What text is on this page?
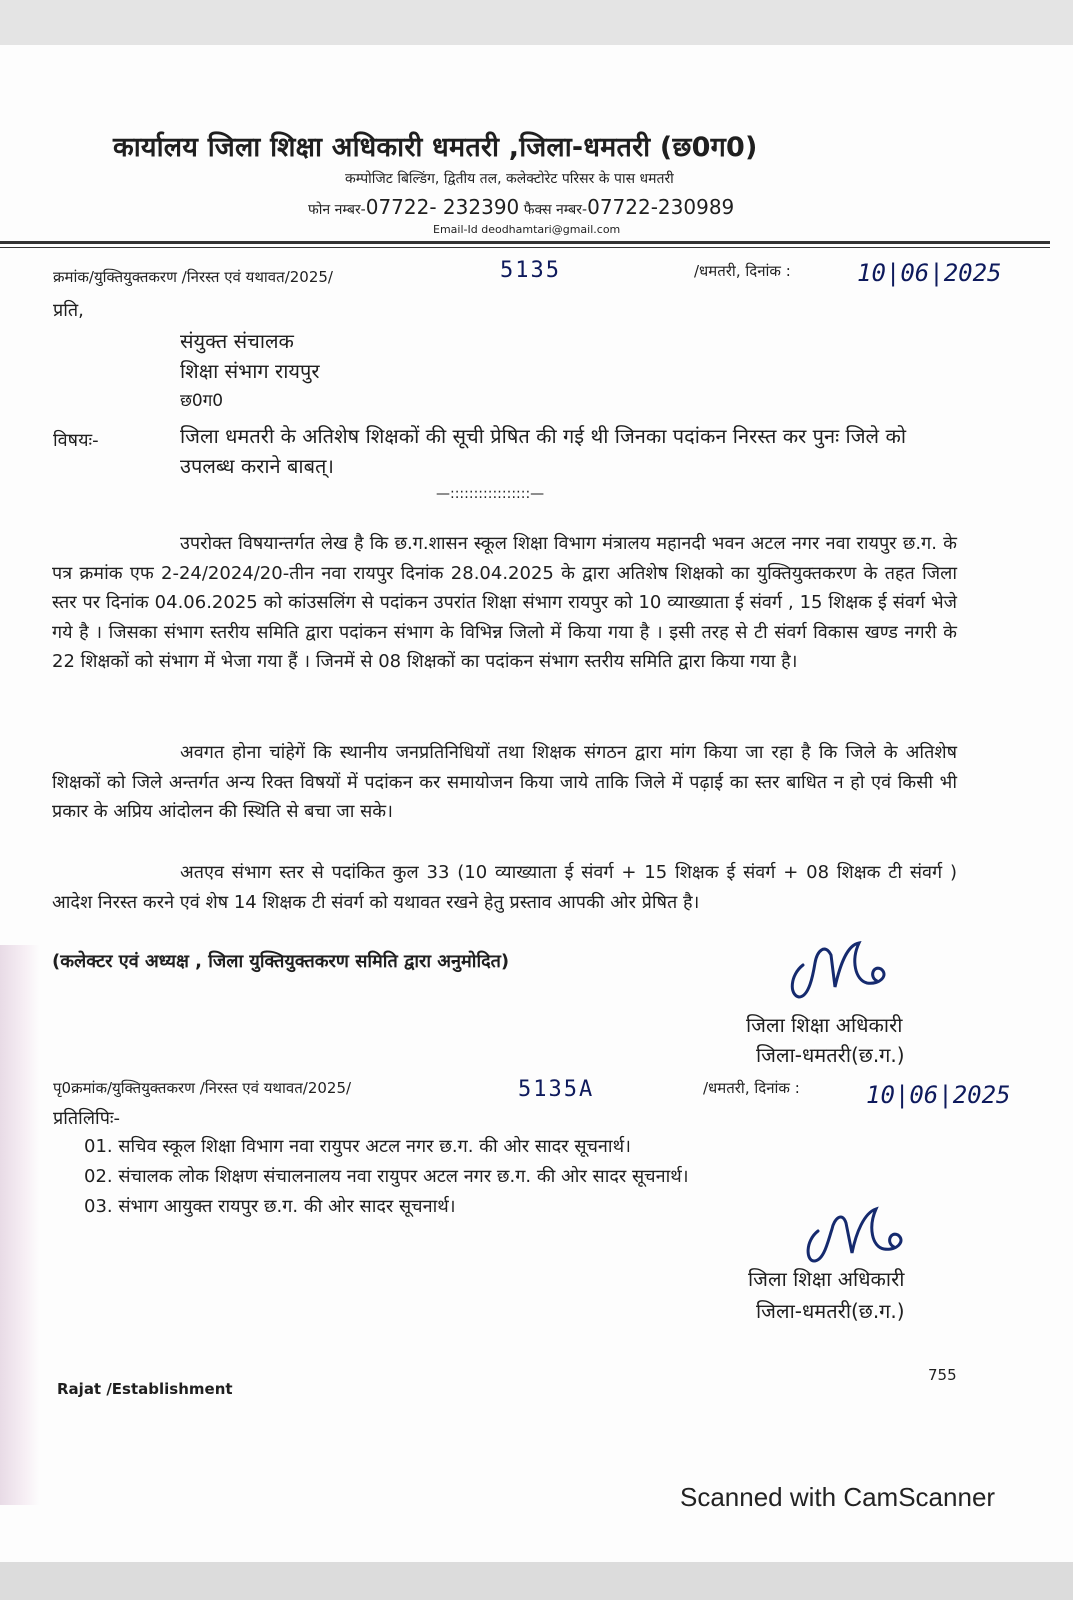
कार्यालय जिला शिक्षा अधिकारी धमतरी ,जिला-धमतरी (छ0ग0)
कम्पोजिट बिल्डिंग, द्वितीय तल, कलेक्टोरेट परिसर के पास धमतरी
फोन नम्बर-07722- 232390 फैक्स नम्बर-07722-230989
Email-Id deodhamtari@gmail.com
क्रमांक/युक्तियुक्तकरण /निरस्त एवं यथावत/2025/	5135	/धमतरी, दिनांक :	10|06|2025
प्रति,
संयुक्त संचालक
शिक्षा संभाग रायपुर
छ0ग0
विषयः-	जिला धमतरी के अतिशेष शिक्षकों की सूची प्रेषित की गई थी जिनका पदांकन निरस्त कर पुनः जिले को उपलब्ध कराने बाबत्।
—:::::::::::::::::—
उपरोक्त विषयान्तर्गत लेख है कि छ.ग.शासन स्कूल शिक्षा विभाग मंत्रालय महानदी भवन अटल नगर नवा रायपुर छ.ग. के पत्र क्रमांक एफ 2-24/2024/20-तीन नवा रायपुर दिनांक 28.04.2025 के द्वारा अतिशेष शिक्षको का युक्तियुक्तकरण के तहत जिला स्तर पर दिनांक 04.06.2025 को कांउसलिंग से पदांकन उपरांत शिक्षा संभाग रायपुर को 10 व्याख्याता ई संवर्ग , 15 शिक्षक ई संवर्ग भेजे गये है । जिसका संभाग स्तरीय समिति द्वारा पदांकन संभाग के विभिन्न जिलो में किया गया है । इसी तरह से टी संवर्ग विकास खण्ड नगरी के 22 शिक्षकों को संभाग में भेजा गया हैं । जिनमें से 08 शिक्षकों का पदांकन संभाग स्तरीय समिति द्वारा किया गया है।
अवगत होना चांहेगें कि स्थानीय जनप्रतिनिधियों तथा शिक्षक संगठन द्वारा मांग किया जा रहा है कि जिले के अतिशेष शिक्षकों को जिले अन्तर्गत अन्य रिक्त विषयों में पदांकन कर समायोजन किया जाये ताकि जिले में पढ़ाई का स्तर बाधित न हो एवं किसी भी प्रकार के अप्रिय आंदोलन की स्थिति से बचा जा सके।
अतएव संभाग स्तर से पदांकित कुल 33 (10 व्याख्याता ई संवर्ग + 15 शिक्षक ई संवर्ग + 08 शिक्षक टी संवर्ग ) आदेश निरस्त करने एवं शेष 14 शिक्षक टी संवर्ग को यथावत रखने हेतु प्रस्ताव आपकी ओर प्रेषित है।
(कलेक्टर एवं अध्यक्ष , जिला युक्तियुक्तकरण समिति द्वारा अनुमोदित)
जिला शिक्षा अधिकारी
जिला-धमतरी(छ.ग.)
पृ0क्रमांक/युक्तियुक्तकरण /निरस्त एवं यथावत/2025/	5135A	/धमतरी, दिनांक :	10|06|2025
प्रतिलिपिः-
01. सचिव स्कूल शिक्षा विभाग नवा रायुपर अटल नगर छ.ग. की ओर सादर सूचनार्थ।
02. संचालक लोक शिक्षण संचालनालय नवा रायुपर अटल नगर छ.ग. की ओर सादर सूचनार्थ।
03. संभाग आयुक्त रायपुर छ.ग. की ओर सादर सूचनार्थ।
जिला शिक्षा अधिकारी
जिला-धमतरी(छ.ग.)
755
Rajat /Establishment
Scanned with CamScanner
